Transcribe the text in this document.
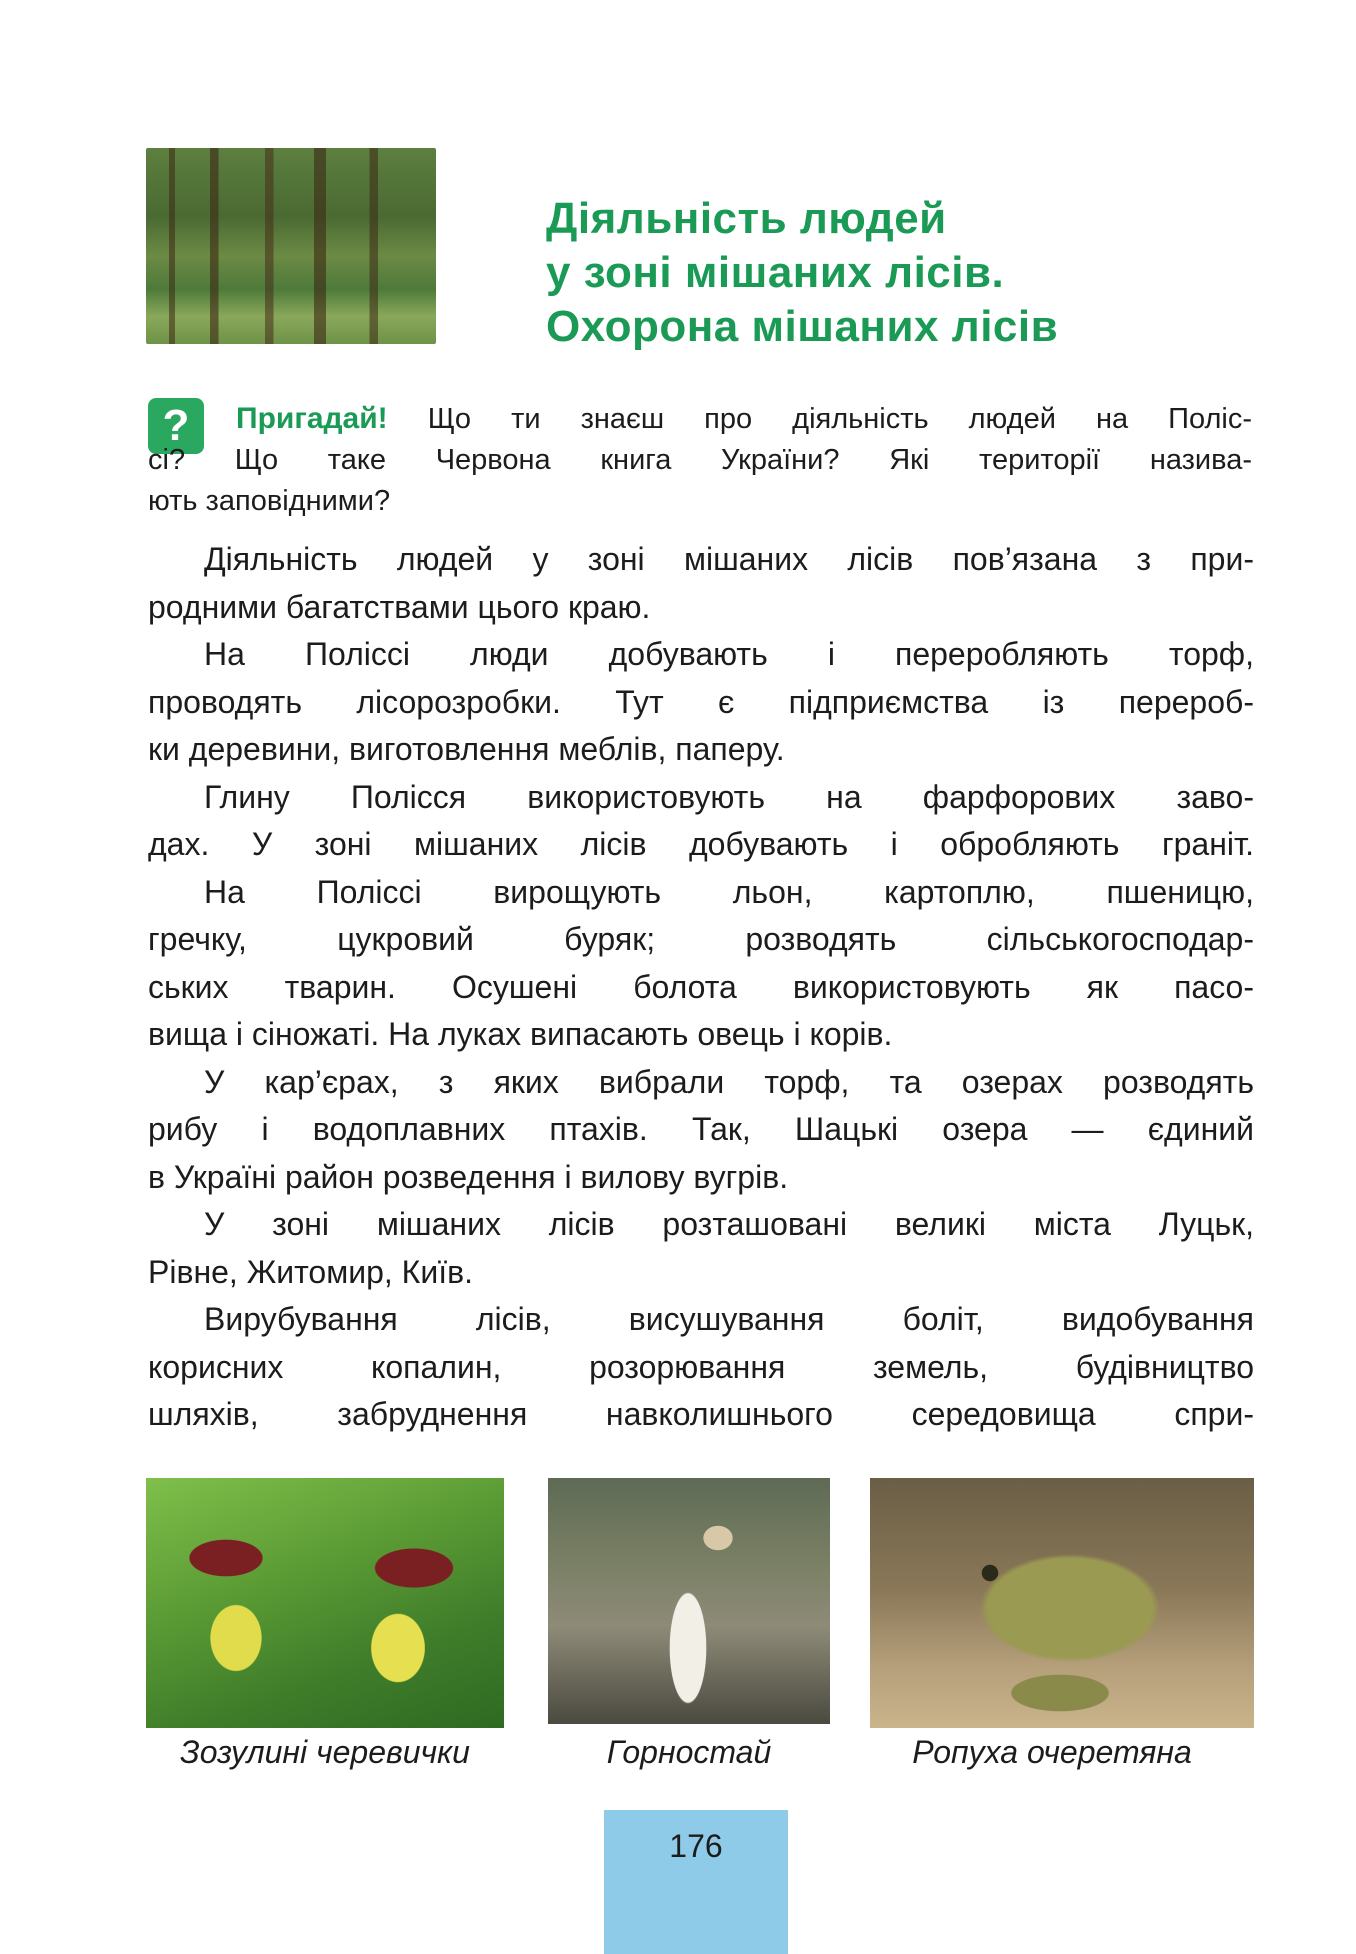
Діяльність людей
у зоні мішаних лісів.
Охорона мішаних лісів
?	Пригадай! Що ти знаєш про діяльність людей на Поліс-
сі? Що таке Червона книга України? Які території назива-
ють заповідними?

Діяльність людей у зоні мішаних лісів пов’язана з при-
родними багатствами цього краю.

На Поліссі люди добувають і переробляють торф,
проводять лісорозробки. Тут є підприємства із перероб-
ки деревини, виготовлення меблів, паперу.

Глину Полісся використовують на фарфорових заво-
дах. У зоні мішаних лісів добувають і обробляють граніт.

На Поліссі вирощують льон, картоплю, пшеницю,
гречку, цукровий буряк; розводять сільськогосподар-
ських тварин. Осушені болота використовують як пасо-
вища і сіножаті. На луках випасають овець і корів.

У кар’єрах, з яких вибрали торф, та озерах розводять
рибу і водоплавних птахів. Так, Шацькі озера — єдиний
в Україні район розведення і вилову вугрів.

У зоні мішаних лісів розташовані великі міста Луцьк,
Рівне, Житомир, Київ.

Вирубування лісів, висушування боліт, видобування
корисних копалин, розорювання земель, будівництво
шляхів, забруднення навколишнього середовища спри-

Зозулині черевички	Горностай	Ропуха очеретяна
176
